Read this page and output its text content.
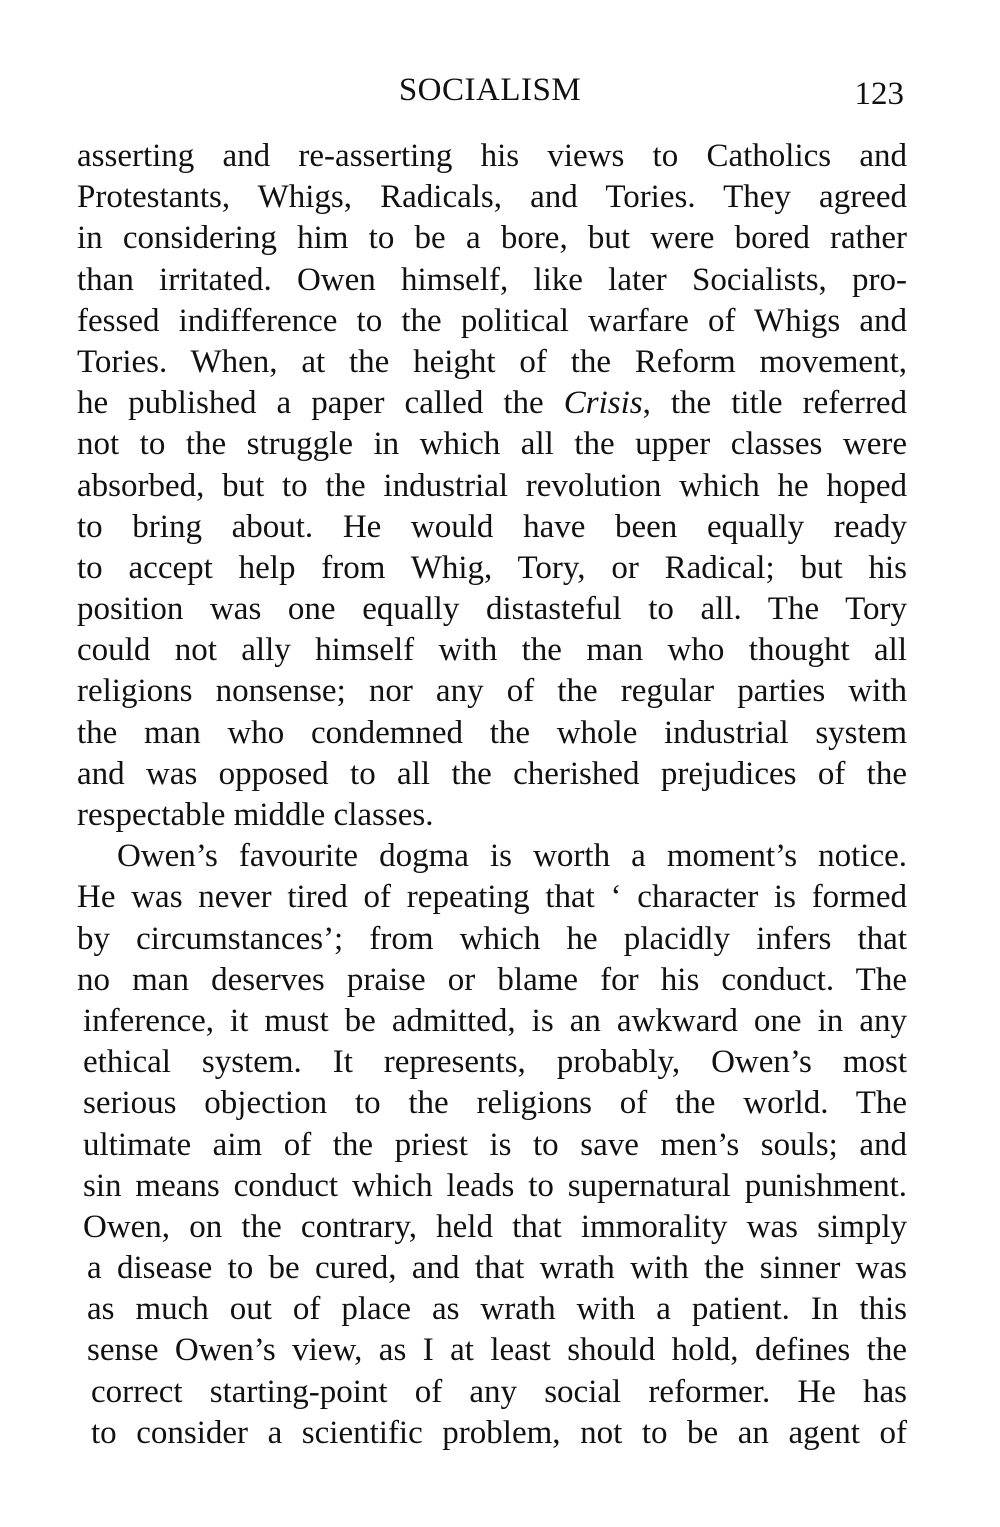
SOCIALISM	123
asserting and re-asserting his views to Catholics and
Protestants, Whigs, Radicals, and Tories. They agreed
in considering him to be a bore, but were bored rather
than irritated. Owen himself, like later Socialists, pro-
fessed indifference to the political warfare of Whigs and
Tories. When, at the height of the Reform movement,
he published a paper called the Crisis, the title referred
not to the struggle in which all the upper classes were
absorbed, but to the industrial revolution which he hoped
to bring about. He would have been equally ready
to accept help from Whig, Tory, or Radical; but his
position was one equally distasteful to all. The Tory
could not ally himself with the man who thought all
religions nonsense; nor any of the regular parties with
the man who condemned the whole industrial system
and was opposed to all the cherished prejudices of the
respectable middle classes.
Owen’s favourite dogma is worth a moment’s notice.
He was never tired of repeating that ‘ character is formed
by circumstances’; from which he placidly infers that
no man deserves praise or blame for his conduct. The
inference, it must be admitted, is an awkward one in any
ethical system. It represents, probably, Owen’s most
serious objection to the religions of the world. The
ultimate aim of the priest is to save men’s souls; and
sin means conduct which leads to supernatural punishment.
Owen, on the contrary, held that immorality was simply
a disease to be cured, and that wrath with the sinner was
as much out of place as wrath with a patient. In this
sense Owen’s view, as I at least should hold, defines the
correct starting-point of any social reformer. He has
to consider a scientific problem, not to be an agent of
